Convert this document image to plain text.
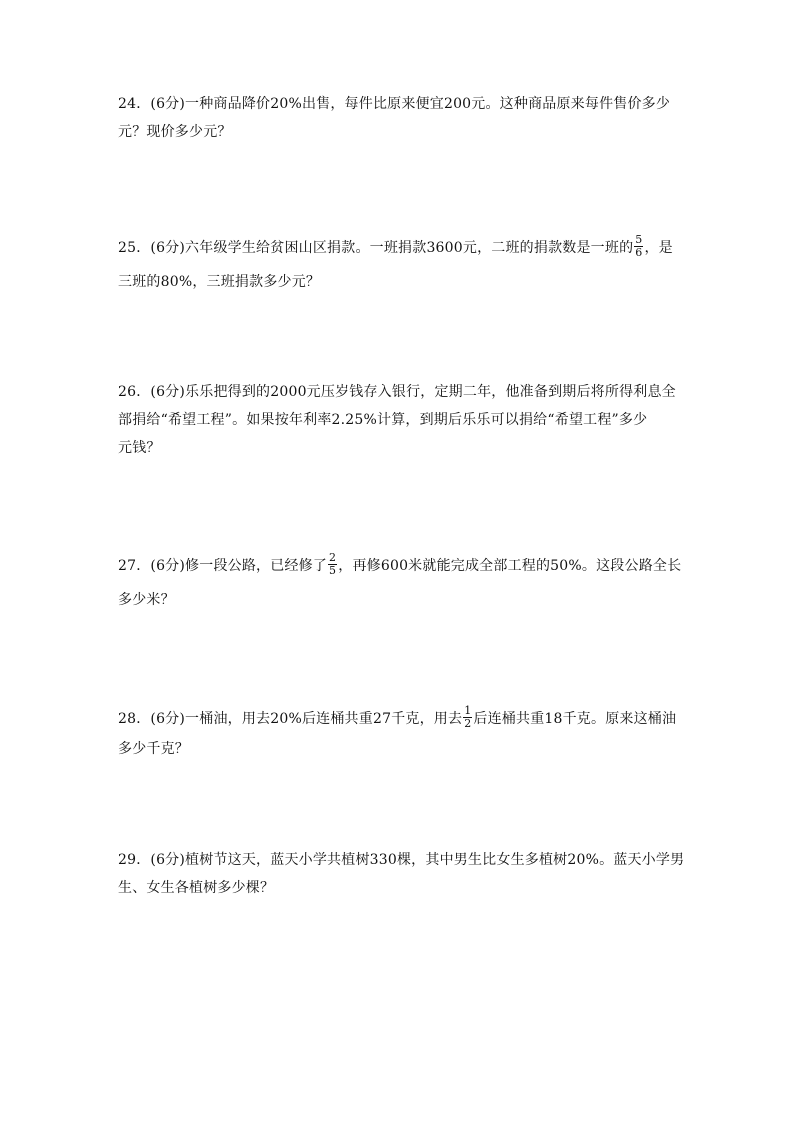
24．(6分)一种商品降价20%出售，每件比原来便宜200元。这种商品原来每件售价多少

元？现价多少元？

25．(6分)六年级学生给贫困山区捐款。一班捐款3600元，二班的捐款数是一班的 $\frac{5}{6}$ ，是

三班的80%，三班捐款多少元？

26．(6分)乐乐把得到的2000元压岁钱存入银行，定期二年，他准备到期后将所得利息全

部捐给“希望工程”。如果按年利率2.25%计算，到期后乐乐可以捐给“希望工程”多少

元钱？

27．(6分)修一段公路，已经修了 $\frac{2}{5}$ ，再修600米就能完成全部工程的50%。这段公路全长

多少米？

28．(6分)一桶油，用去20%后连桶共重27千克，用去 $\frac{1}{2}$ 后连桶共重18千克。原来这桶油

多少千克？

29．(6分)植树节这天，蓝天小学共植树330棵，其中男生比女生多植树20%。蓝天小学男

生、女生各植树多少棵？
